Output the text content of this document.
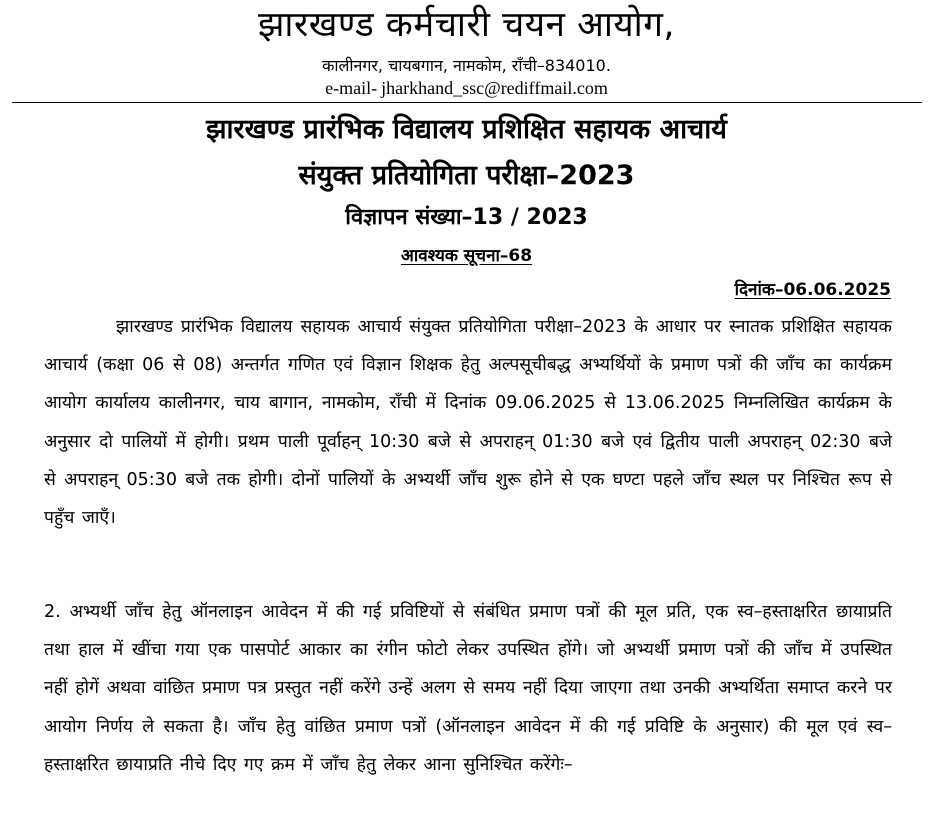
झारखण्ड कर्मचारी चयन आयोग,
कालीनगर, चायबगान, नामकोम, राँची–834010.
e-mail- jharkhand_ssc@rediffmail.com
झारखण्ड प्रारंभिक विद्यालय प्रशिक्षित सहायक आचार्य
संयुक्त प्रतियोगिता परीक्षा–2023
विज्ञापन संख्या–13 / 2023
आवश्यक सूचना–68
दिनांक–06.06.2025
झारखण्ड प्रारंभिक विद्यालय सहायक आचार्य संयुक्त प्रतियोगिता परीक्षा–2023 के आधार पर स्नातक प्रशिक्षित सहायक आचार्य (कक्षा 06 से 08) अन्तर्गत गणित एवं विज्ञान शिक्षक हेतु अल्पसूचीबद्ध अभ्यर्थियों के प्रमाण पत्रों की जाँच का कार्यक्रम आयोग कार्यालय कालीनगर, चाय बागान, नामकोम, राँची में दिनांक 09.06.2025 से 13.06.2025 निम्नलिखित कार्यक्रम के अनुसार दो पालियों में होगी। प्रथम पाली पूर्वाहन् 10:30 बजे से अपराहन् 01:30 बजे एवं द्वितीय पाली अपराहन् 02:30 बजे से अपराहन् 05:30 बजे तक होगी। दोनों पालियों के अभ्यर्थी जाँच शुरू होने से एक घण्टा पहले जाँच स्थल पर निश्चित रूप से पहुँच जाएँ।
2. अभ्यर्थी जाँच हेतु ऑनलाइन आवेदन में की गई प्रविष्टियों से संबंधित प्रमाण पत्रों की मूल प्रति, एक स्व–हस्ताक्षरित छायाप्रति तथा हाल में खींचा गया एक पासपोर्ट आकार का रंगीन फोटो लेकर उपस्थित होंगे। जो अभ्यर्थी प्रमाण पत्रों की जाँच में उपस्थित नहीं होगें अथवा वांछित प्रमाण पत्र प्रस्तुत नहीं करेंगे उन्हें अलग से समय नहीं दिया जाएगा तथा उनकी अभ्यर्थिता समाप्त करने पर आयोग निर्णय ले सकता है। जाँच हेतु वांछित प्रमाण पत्रों (ऑनलाइन आवेदन में की गई प्रविष्टि के अनुसार) की मूल एवं स्व–हस्ताक्षरित छायाप्रति नीचे दिए गए क्रम में जाँच हेतु लेकर आना सुनिश्चित करेंगेः–
